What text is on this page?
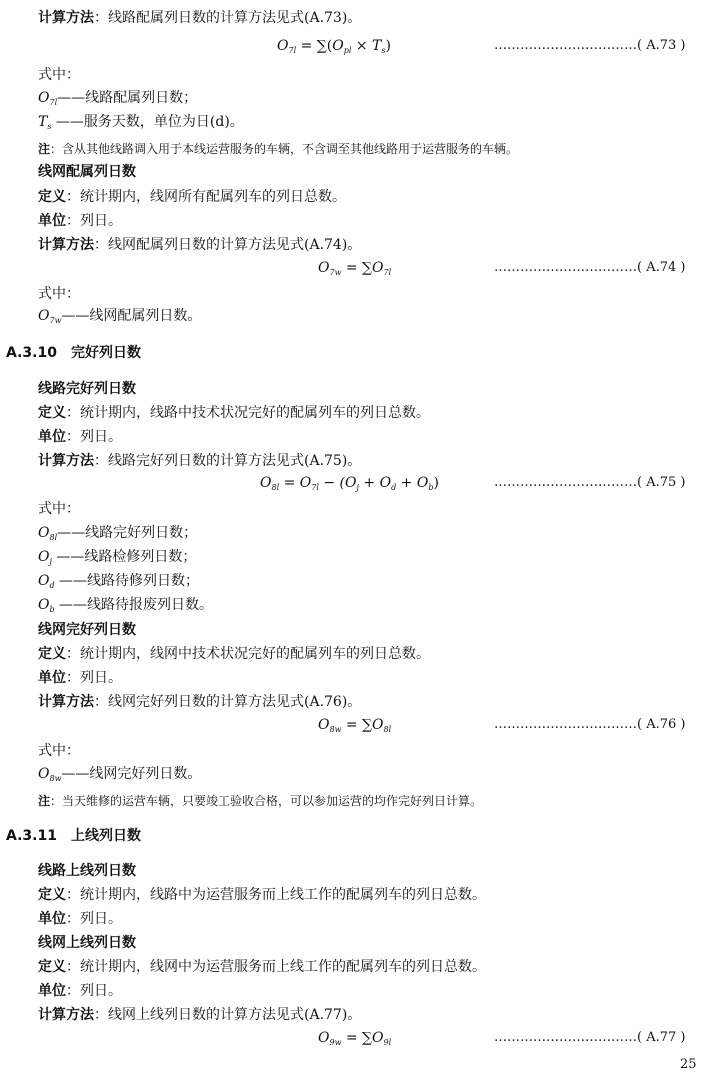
计算方法：线路配属列日数的计算方法见式(A.73)。
$O_{7l} = \sum(O_{pl} \times T_s)$	……………………………( A.73 )
式中：
$O_{7l}——$线路配属列日数；
$T_s$ ——服务天数，单位为日(d)。
注：含从其他线路调入用于本线运营服务的车辆，不含调至其他线路用于运营服务的车辆。
线网配属列日数
定义：统计期内，线网所有配属列车的列日总数。
单位：列日。
计算方法：线网配属列日数的计算方法见式(A.74)。
$O_{7w} = \sum O_{7l}$	……………………………( A.74 )
式中：
$O_{7w}——$线网配属列日数。
A.3.10 完好列日数
线路完好列日数
定义：统计期内，线路中技术状况完好的配属列车的列日总数。
单位：列日。
计算方法：线路完好列日数的计算方法见式(A.75)。
$O_{8l} = O_{7l} - (O_j + O_d + O_b)$	……………………………( A.75 )
式中：
$O_{8l}——$线路完好列日数；
$O_j$ ——线路检修列日数；
$O_d$ ——线路待修列日数；
$O_b$ ——线路待报废列日数。
线网完好列日数
定义：统计期内，线网中技术状况完好的配属列车的列日总数。
单位：列日。
计算方法：线网完好列日数的计算方法见式(A.76)。
$O_{8w} = \sum O_{8l}$	……………………………( A.76 )
式中：
$O_{8w}——$线网完好列日数。
注：当天维修的运营车辆，只要竣工验收合格，可以参加运营的均作完好列日计算。
A.3.11 上线列日数
线路上线列日数
定义：统计期内，线路中为运营服务而上线工作的配属列车的列日总数。
单位：列日。
线网上线列日数
定义：统计期内，线网中为运营服务而上线工作的配属列车的列日总数。
单位：列日。
计算方法：线网上线列日数的计算方法见式(A.77)。
$O_{9w} = \sum O_{9l}$	……………………………( A.77 )
25
